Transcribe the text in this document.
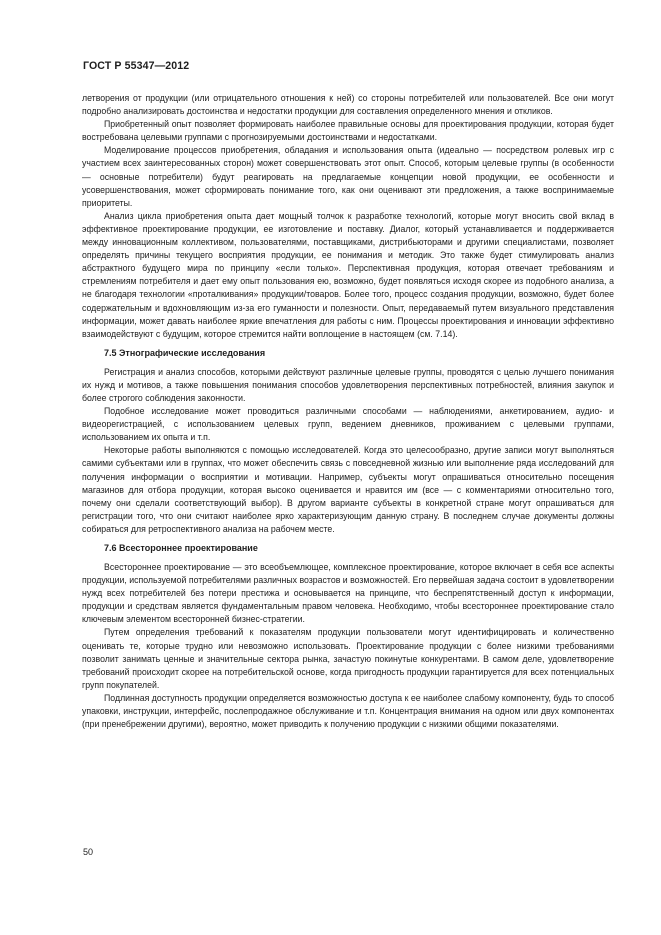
ГОСТ Р 55347—2012

летворения от продукции (или отрицательного отношения к ней) со стороны потребителей или пользователей. Все они могут подробно анализировать достоинства и недостатки продукции для составления определенного мнения и откликов.

Приобретенный опыт позволяет формировать наиболее правильные основы для проектирования продукции, которая будет востребована целевыми группами с прогнозируемыми достоинствами и недостатками.

Моделирование процессов приобретения, обладания и использования опыта (идеально — посредством ролевых игр с участием всех заинтересованных сторон) может совершенствовать этот опыт. Способ, которым целевые группы (в особенности — основные потребители) будут реагировать на предлагаемые концепции новой продукции, ее особенности и усовершенствования, может сформировать понимание того, как они оценивают эти предложения, а также воспринимаемые приоритеты.

Анализ цикла приобретения опыта дает мощный толчок к разработке технологий, которые могут вносить свой вклад в эффективное проектирование продукции, ее изготовление и поставку. Диалог, который устанавливается и поддерживается между инновационным коллективом, пользователями, поставщиками, дистрибьюторами и другими специалистами, позволяет определять причины текущего восприятия продукции, ее понимания и методик. Это также будет стимулировать анализ абстрактного будущего мира по принципу «если только». Перспективная продукция, которая отвечает требованиям и стремлениям потребителя и дает ему опыт пользования ею, возможно, будет появляться исходя скорее из подобного анализа, а не благодаря технологии «проталкивания» продукции/товаров. Более того, процесс создания продукции, возможно, будет более содержательным и вдохновляющим из-за его гуманности и полезности. Опыт, передаваемый путем визуального представления информации, может давать наиболее яркие впечатления для работы с ним. Процессы проектирования и инновации эффективно взаимодействуют с будущим, которое стремится найти воплощение в настоящем (см. 7.14).

7.5 Этнографические исследования

Регистрация и анализ способов, которыми действуют различные целевые группы, проводятся с целью лучшего понимания их нужд и мотивов, а также повышения понимания способов удовлетворения перспективных потребностей, влияния закупок и более строгого соблюдения законности.

Подобное исследование может проводиться различными способами — наблюдениями, анкетированием, аудио- и видеорегистрацией, с использованием целевых групп, ведением дневников, проживанием с целевыми группами, использованием их опыта и т.п.

Некоторые работы выполняются с помощью исследователей. Когда это целесообразно, другие записи могут выполняться самими субъектами или в группах, что может обеспечить связь с повседневной жизнью или выполнение ряда исследований для получения информации о восприятии и мотивации. Например, субъекты могут опрашиваться относительно посещения магазинов для отбора продукции, которая высоко оценивается и нравится им (все — с комментариями относительно того, почему они сделали соответствующий выбор). В другом варианте субъекты в конкретной стране могут опрашиваться для регистрации того, что они считают наиболее ярко характеризующим данную страну. В последнем случае документы должны собираться для ретроспективного анализа на рабочем месте.

7.6 Всестороннее проектирование

Всестороннее проектирование — это всеобъемлющее, комплексное проектирование, которое включает в себя все аспекты продукции, используемой потребителями различных возрастов и возможностей. Его первейшая задача состоит в удовлетворении нужд всех потребителей без потери престижа и основывается на принципе, что беспрепятственный доступ к информации, продукции и средствам является фундаментальным правом человека. Необходимо, чтобы всестороннее проектирование стало ключевым элементом всесторонней бизнес-стратегии.

Путем определения требований к показателям продукции пользователи могут идентифицировать и количественно оценивать те, которые трудно или невозможно использовать. Проектирование продукции с более низкими требованиями позволит занимать ценные и значительные сектора рынка, зачастую покинутые конкурентами. В самом деле, удовлетворение требований происходит скорее на потребительской основе, когда пригодность продукции гарантируется для всех потенциальных групп покупателей.

Подлинная доступность продукции определяется возможностью доступа к ее наиболее слабому компоненту, будь то способ упаковки, инструкции, интерфейс, послепродажное обслуживание и т.п. Концентрация внимания на одном или двух компонентах (при пренебрежении другими), вероятно, может приводить к получению продукции с низкими общими показателями.

50
